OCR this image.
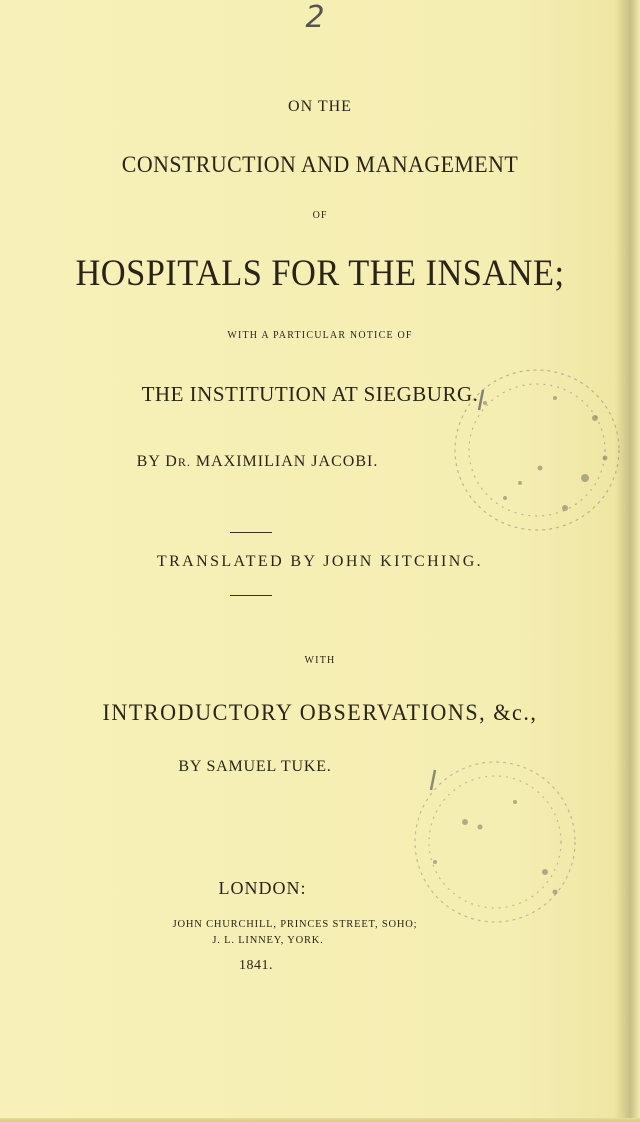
2
ON THE
CONSTRUCTION AND MANAGEMENT
OF
HOSPITALS FOR THE INSANE;
WITH A PARTICULAR NOTICE OF
THE INSTITUTION AT SIEGBURG.
BY DR. MAXIMILIAN JACOBI.
TRANSLATED BY JOHN KITCHING.
WITH
INTRODUCTORY OBSERVATIONS, &c.,
BY SAMUEL TUKE.
LONDON:
JOHN CHURCHILL, PRINCES STREET, SOHO;
J. L. LINNEY, YORK.
1841.
